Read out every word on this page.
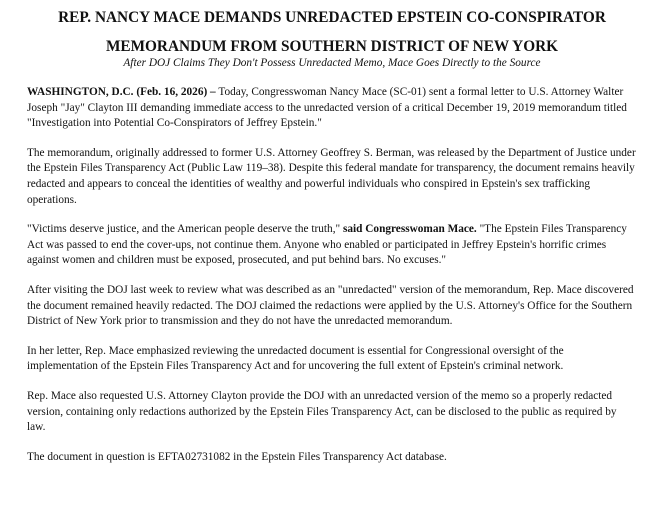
REP. NANCY MACE DEMANDS UNREDACTED EPSTEIN CO-CONSPIRATOR
MEMORANDUM FROM SOUTHERN DISTRICT OF NEW YORK
After DOJ Claims They Don't Possess Unredacted Memo, Mace Goes Directly to the Source

WASHINGTON, D.C. (Feb. 16, 2026) – Today, Congresswoman Nancy Mace (SC-01) sent a formal letter to U.S. Attorney Walter Joseph "Jay" Clayton III demanding immediate access to the unredacted version of a critical December 19, 2019 memorandum titled "Investigation into Potential Co-Conspirators of Jeffrey Epstein."

The memorandum, originally addressed to former U.S. Attorney Geoffrey S. Berman, was released by the Department of Justice under the Epstein Files Transparency Act (Public Law 119–38). Despite this federal mandate for transparency, the document remains heavily redacted and appears to conceal the identities of wealthy and powerful individuals who conspired in Epstein's sex trafficking operations.

"Victims deserve justice, and the American people deserve the truth," said Congresswoman Mace. "The Epstein Files Transparency Act was passed to end the cover-ups, not continue them. Anyone who enabled or participated in Jeffrey Epstein's horrific crimes against women and children must be exposed, prosecuted, and put behind bars. No excuses."

After visiting the DOJ last week to review what was described as an "unredacted" version of the memorandum, Rep. Mace discovered the document remained heavily redacted. The DOJ claimed the redactions were applied by the U.S. Attorney's Office for the Southern District of New York prior to transmission and they do not have the unredacted memorandum.

In her letter, Rep. Mace emphasized reviewing the unredacted document is essential for Congressional oversight of the implementation of the Epstein Files Transparency Act and for uncovering the full extent of Epstein's criminal network.

Rep. Mace also requested U.S. Attorney Clayton provide the DOJ with an unredacted version of the memo so a properly redacted version, containing only redactions authorized by the Epstein Files Transparency Act, can be disclosed to the public as required by law.

The document in question is EFTA02731082 in the Epstein Files Transparency Act database.
